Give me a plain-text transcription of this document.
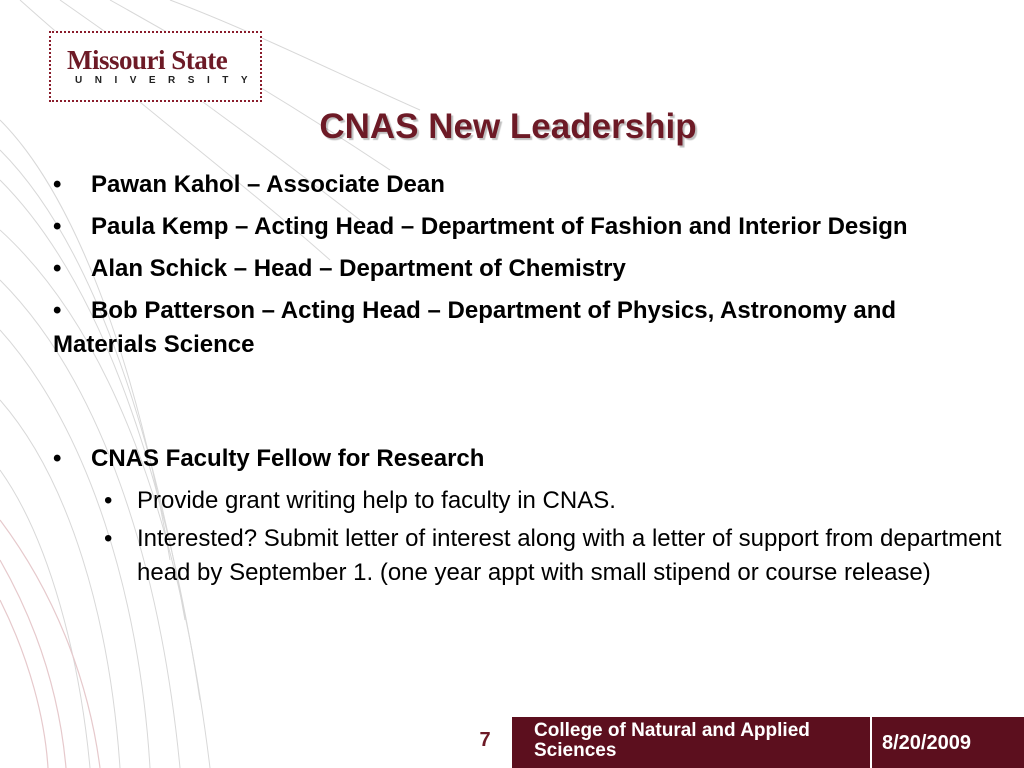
Missouri State
UNIVERSITY
CNAS New Leadership
• Pawan Kahol – Associate Dean
• Paula Kemp – Acting Head – Department of Fashion and Interior Design
• Alan Schick – Head – Department of Chemistry
• Bob Patterson – Acting Head – Department of Physics, Astronomy and Materials Science
• CNAS Faculty Fellow for Research
• Provide grant writing help to faculty in CNAS.
• Interested? Submit letter of interest along with a letter of support from department head by September 1. (one year appt with small stipend or course release)
7	College of Natural and Applied Sciences	8/20/2009
